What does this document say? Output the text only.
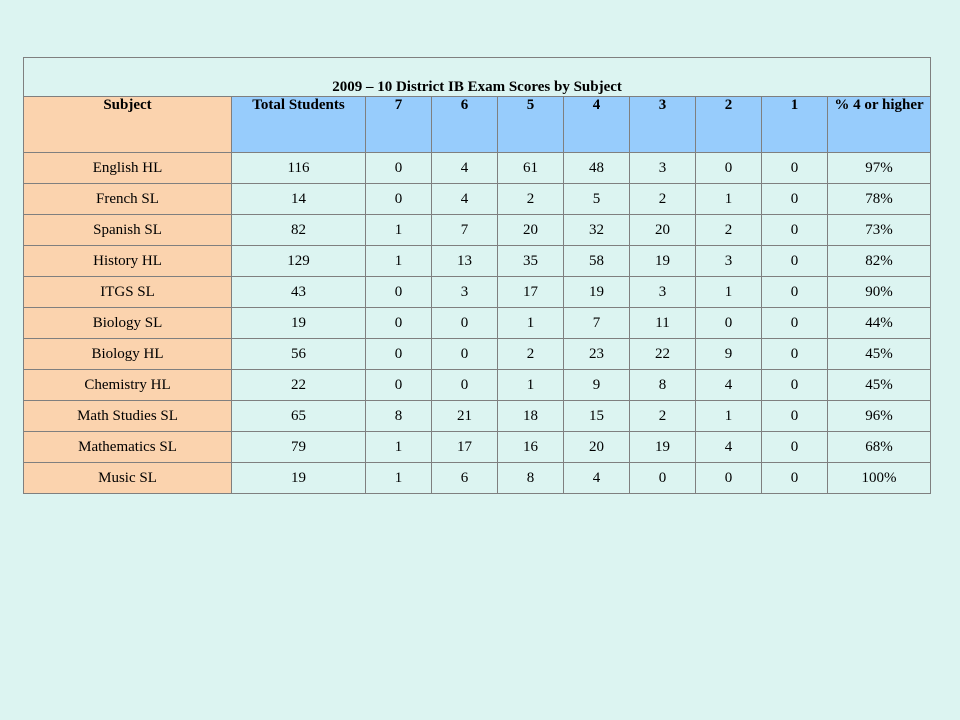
2009 – 10 District IB Exam Scores by Subject									
Subject	Total Students	7	6	5	4	3	2	1	% 4 or higher
English HL	116	0	4	61	48	3	0	0	97%
French SL	14	0	4	2	5	2	1	0	78%
Spanish SL	82	1	7	20	32	20	2	0	73%
History HL	129	1	13	35	58	19	3	0	82%
ITGS SL	43	0	3	17	19	3	1	0	90%
Biology SL	19	0	0	1	7	11	0	0	44%
Biology HL	56	0	0	2	23	22	9	0	45%
Chemistry HL	22	0	0	1	9	8	4	0	45%
Math Studies SL	65	8	21	18	15	2	1	0	96%
Mathematics SL	79	1	17	16	20	19	4	0	68%
Music SL	19	1	6	8	4	0	0	0	100%
